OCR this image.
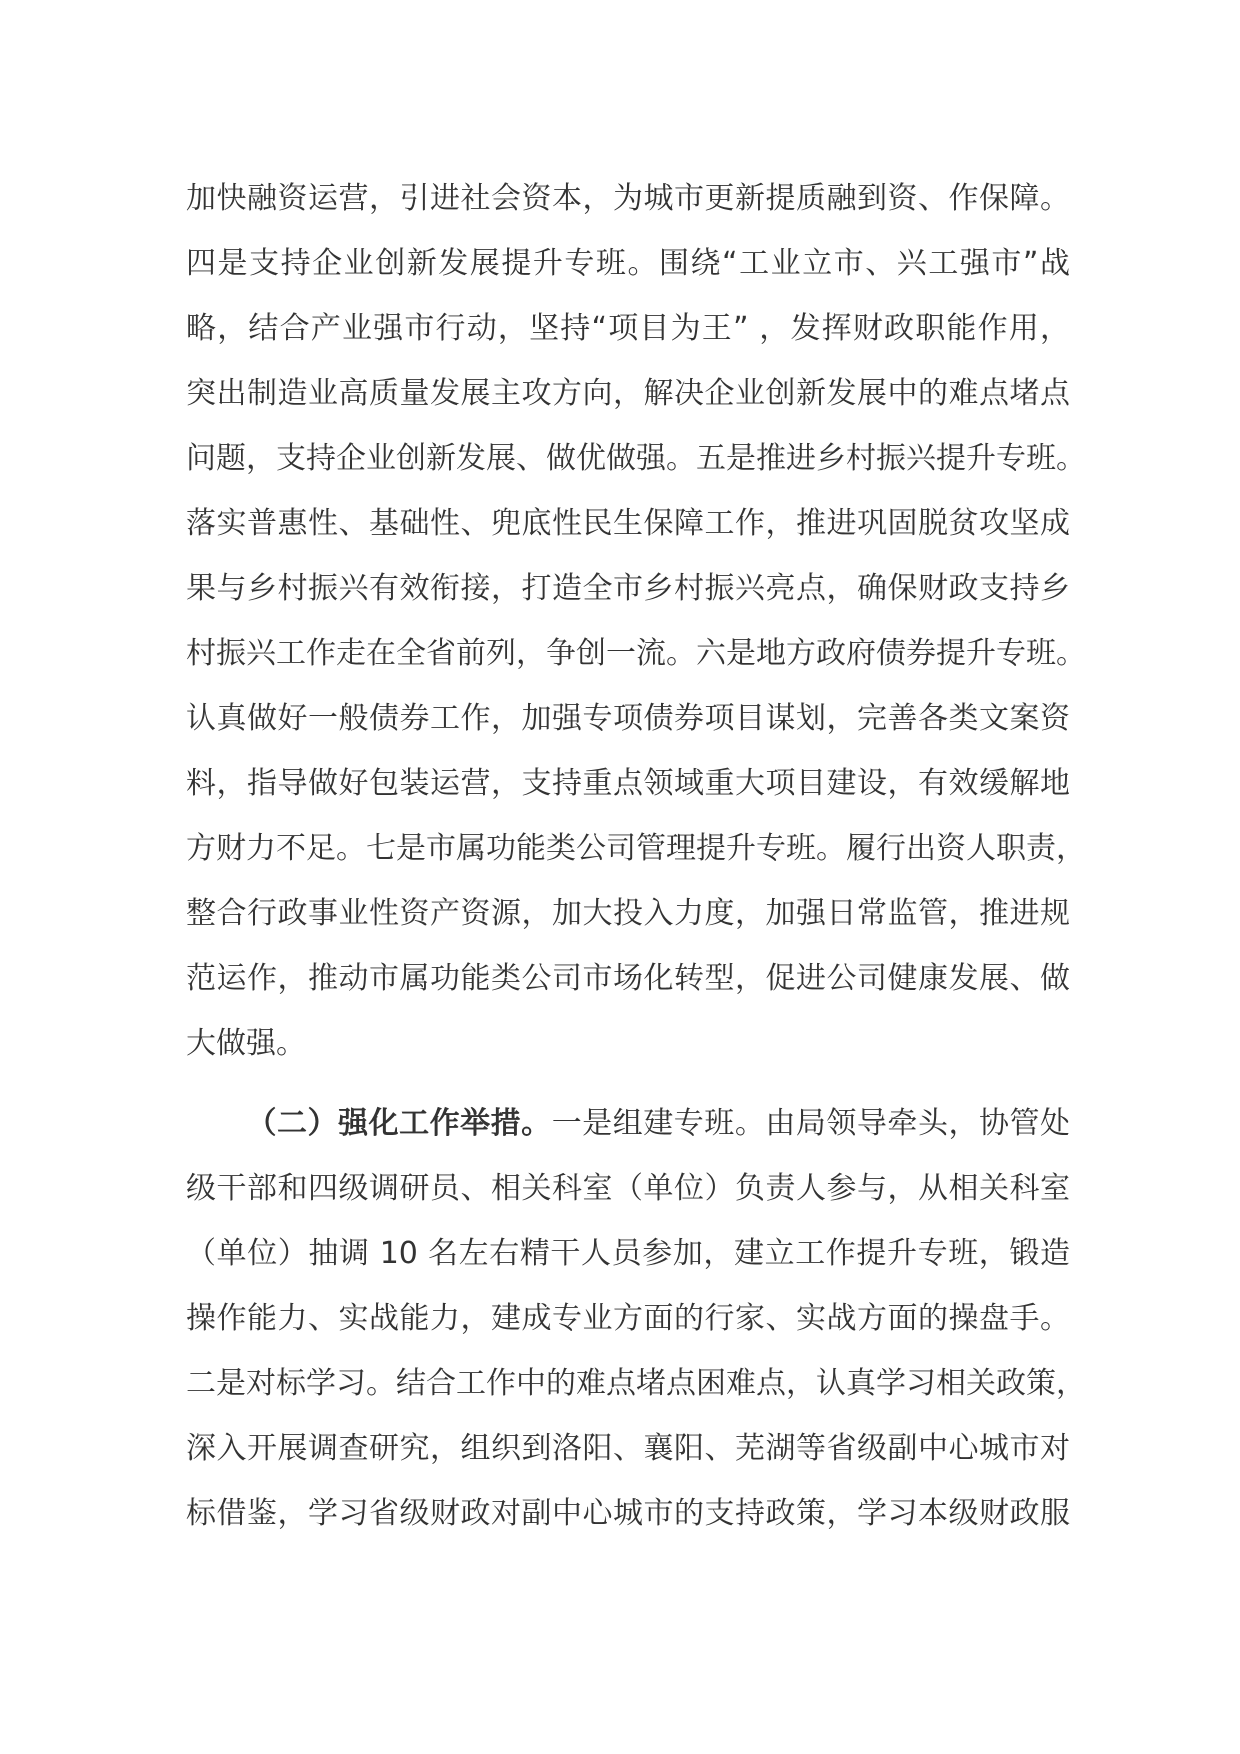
加快融资运营，引进社会资本，为城市更新提质融到资、作保障。
四是支持企业创新发展提升专班。围绕“工业立市、兴工强市”战
略，结合产业强市行动，坚持“项目为王” ，发挥财政职能作用，
突出制造业高质量发展主攻方向，解决企业创新发展中的难点堵点
问题，支持企业创新发展、做优做强。五是推进乡村振兴提升专班。
落实普惠性、基础性、兜底性民生保障工作，推进巩固脱贫攻坚成
果与乡村振兴有效衔接，打造全市乡村振兴亮点，确保财政支持乡
村振兴工作走在全省前列，争创一流。六是地方政府债券提升专班。
认真做好一般债券工作，加强专项债券项目谋划，完善各类文案资
料，指导做好包装运营，支持重点领域重大项目建设，有效缓解地
方财力不足。七是市属功能类公司管理提升专班。履行出资人职责，
整合行政事业性资产资源，加大投入力度，加强日常监管，推进规
范运作，推动市属功能类公司市场化转型，促进公司健康发展、做
大做强。
（二）强化工作举措。一是组建专班。由局领导牵头，协管处
级干部和四级调研员、相关科室（单位）负责人参与，从相关科室
（单位）抽调 10 名左右精干人员参加，建立工作提升专班，锻造
操作能力、实战能力，建成专业方面的行家、实战方面的操盘手。
二是对标学习。结合工作中的难点堵点困难点，认真学习相关政策，
深入开展调查研究，组织到洛阳、襄阳、芜湖等省级副中心城市对
标借鉴，学习省级财政对副中心城市的支持政策，学习本级财政服
